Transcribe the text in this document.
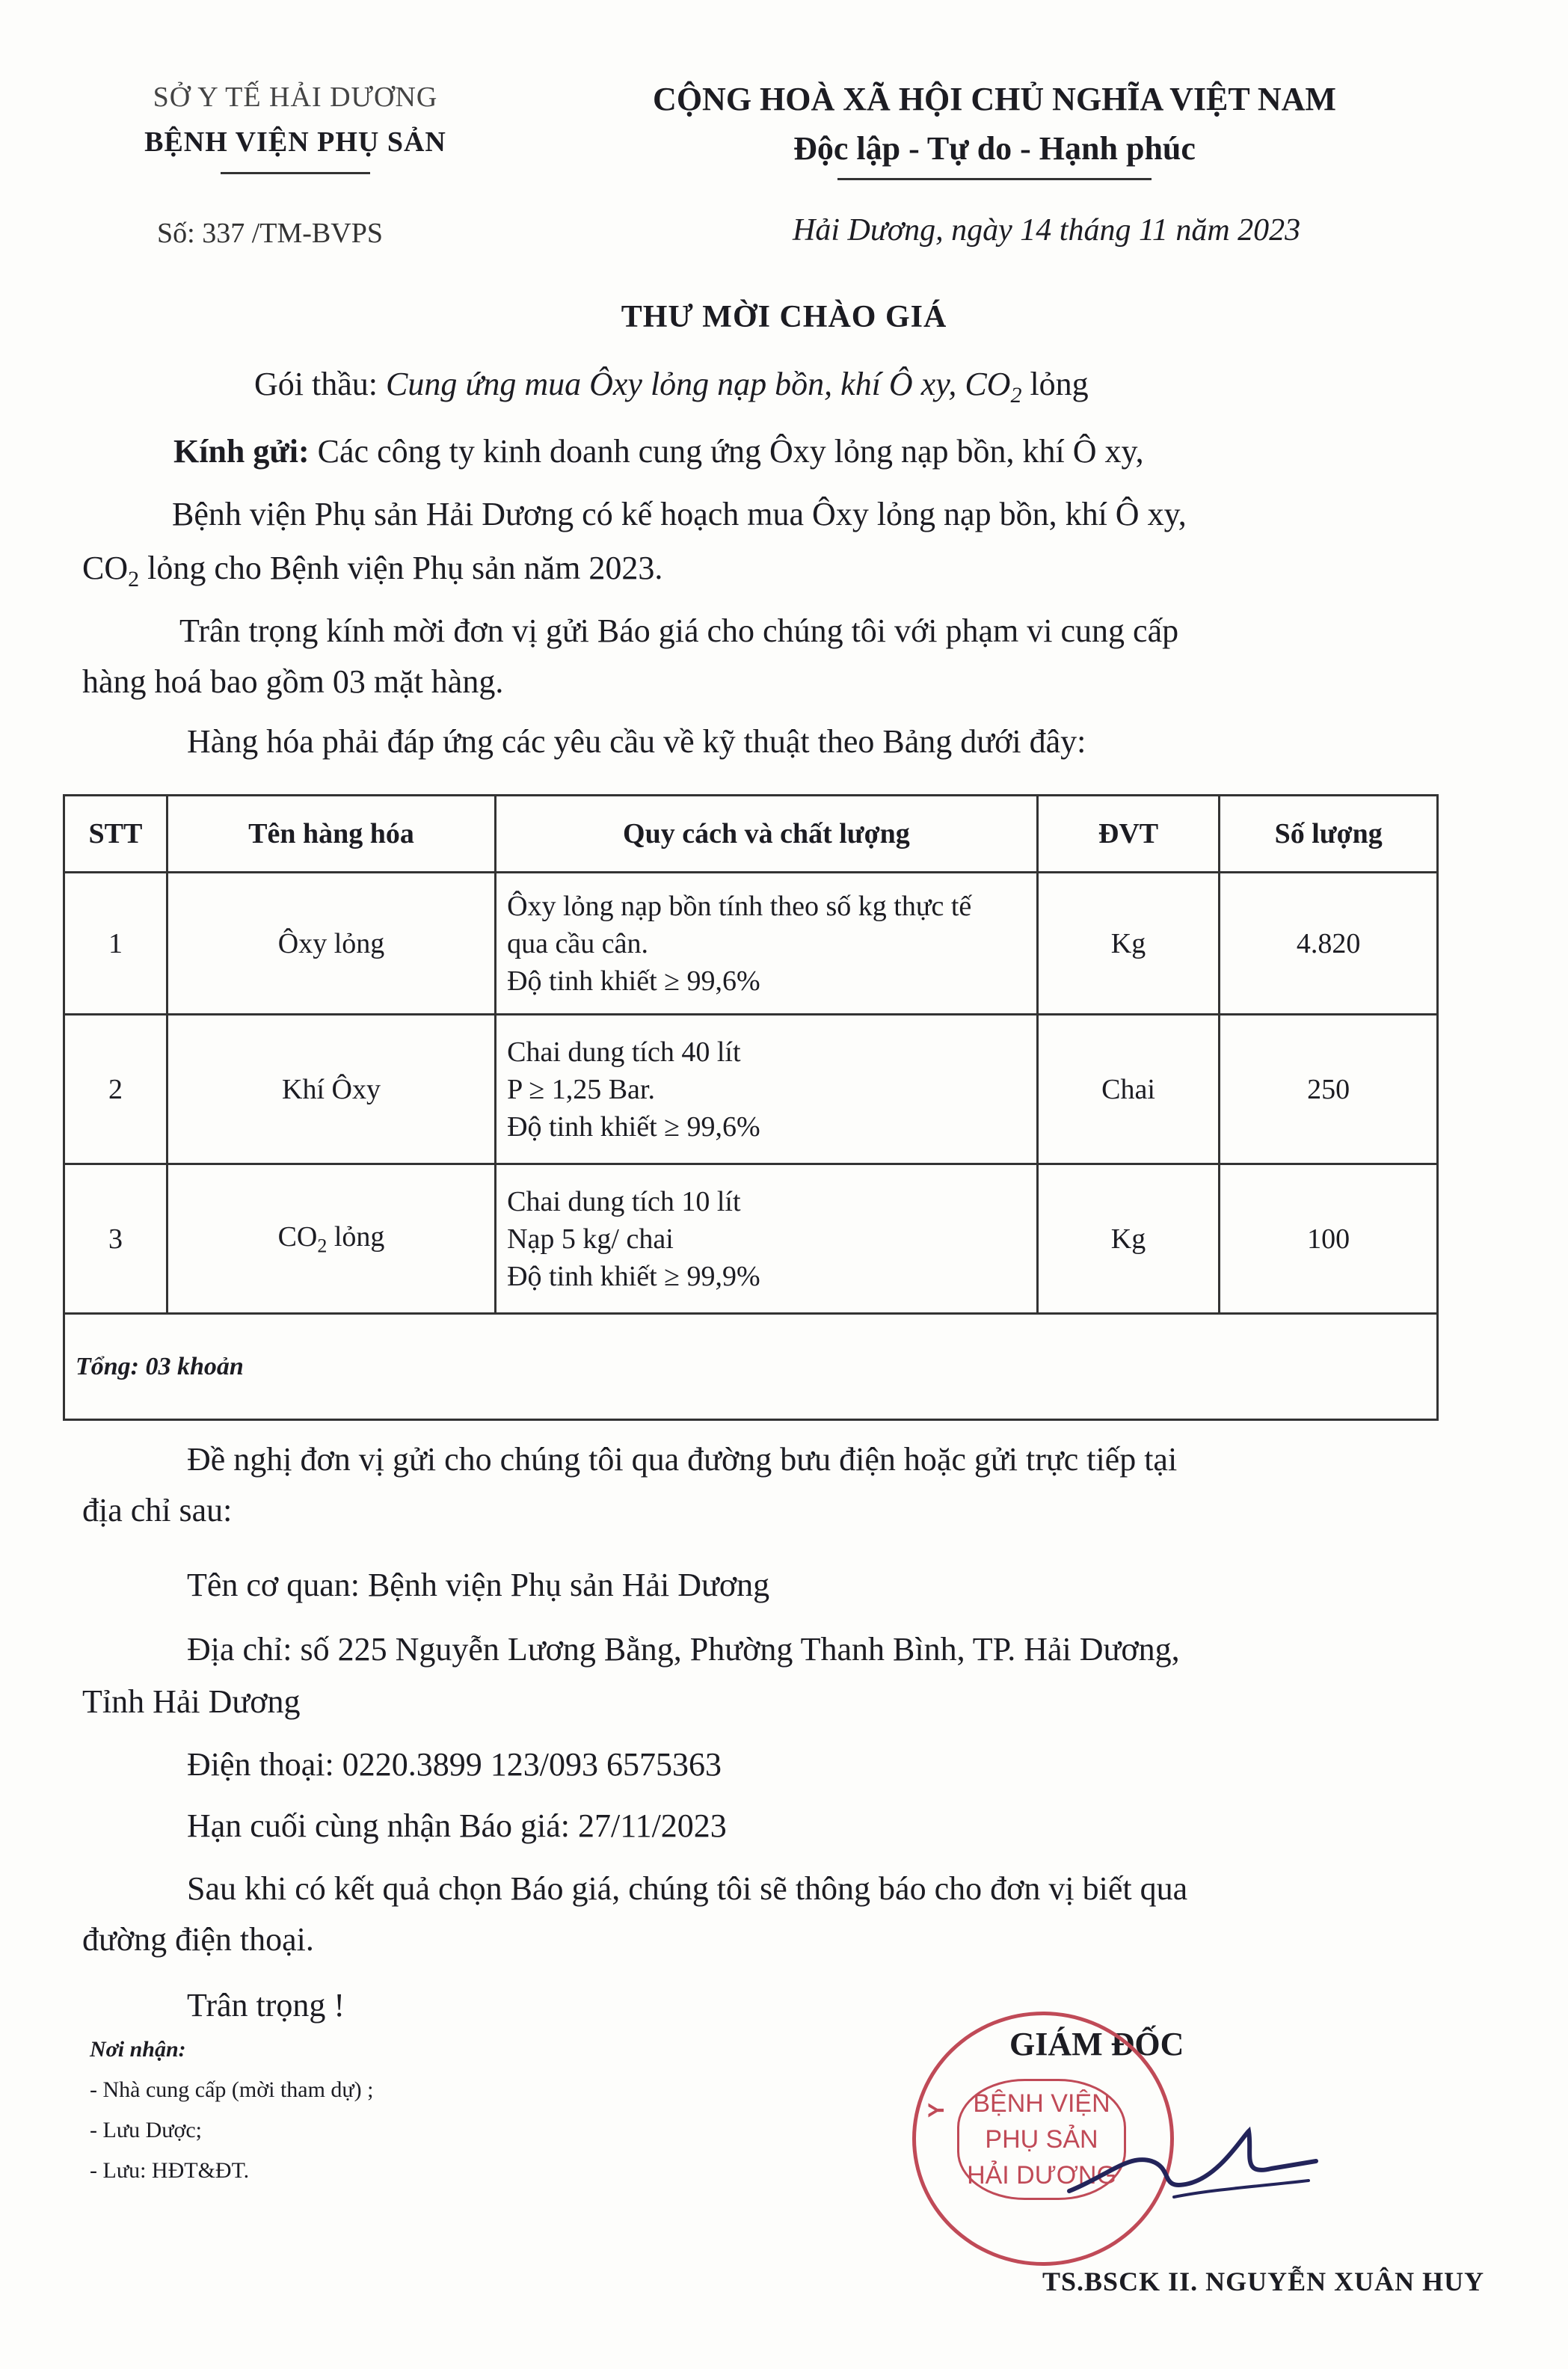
SỞ Y TẾ HẢI DƯƠNG
BỆNH VIỆN PHỤ SẢN
CỘNG HOÀ XÃ HỘI CHỦ NGHĨA VIỆT NAM
Độc lập - Tự do - Hạnh phúc
Số: 337 /TM-BVPS	Hải Dương, ngày 14 tháng 11 năm 2023
THƯ MỜI CHÀO GIÁ
Gói thầu: Cung ứng mua Ôxy lỏng nạp bồn, khí Ô xy, $CO_2$ lỏng
Kính gửi: Các công ty kinh doanh cung ứng Ôxy lỏng nạp bồn, khí Ô xy,
Bệnh viện Phụ sản Hải Dương có kế hoạch mua Ôxy lỏng nạp bồn, khí Ô xy,
$CO_2$ lỏng cho Bệnh viện Phụ sản năm 2023.
Trân trọng kính mời đơn vị gửi Báo giá cho chúng tôi với phạm vi cung cấp
hàng hoá bao gồm 03 mặt hàng.
Hàng hóa phải đáp ứng các yêu cầu về kỹ thuật theo Bảng dưới đây:
STT	Tên hàng hóa	Quy cách và chất lượng	ĐVT	Số lượng
1	Ôxy lỏng	Ôxy lỏng nạp bồn tính theo số kg thực tế
qua cầu cân.
Độ tinh khiết ≥ 99,6%	Kg	4.820
2	Khí Ôxy	Chai dung tích 40 lít
P ≥ 1,25 Bar.
Độ tinh khiết ≥ 99,6%	Chai	250
3	$CO_2$ lỏng	Chai dung tích 10 lít
Nạp 5 kg/ chai
Độ tinh khiết ≥ 99,9%	Kg	100
Tổng: 03 khoản				
Đề nghị đơn vị gửi cho chúng tôi qua đường bưu điện hoặc gửi trực tiếp tại
địa chỉ sau:
Tên cơ quan: Bệnh viện Phụ sản Hải Dương
Địa chỉ: số 225 Nguyễn Lương Bằng, Phường Thanh Bình, TP. Hải Dương,
Tỉnh Hải Dương
Điện thoại: 0220.3899 123/093 6575363
Hạn cuối cùng nhận Báo giá: 27/11/2023
Sau khi có kết quả chọn Báo giá, chúng tôi sẽ thông báo cho đơn vị biết qua
đường điện thoại.
Trân trọng !
Nơi nhận:
- Nhà cung cấp (mời tham dự) ;
- Lưu Dược;
- Lưu: HĐT&ĐT.
GIÁM ĐỐC
Y BỆNH VIỆN
PHỤ SẢN
HẢI DƯƠNG
TS.BSCK II. NGUYỄN XUÂN HUY
